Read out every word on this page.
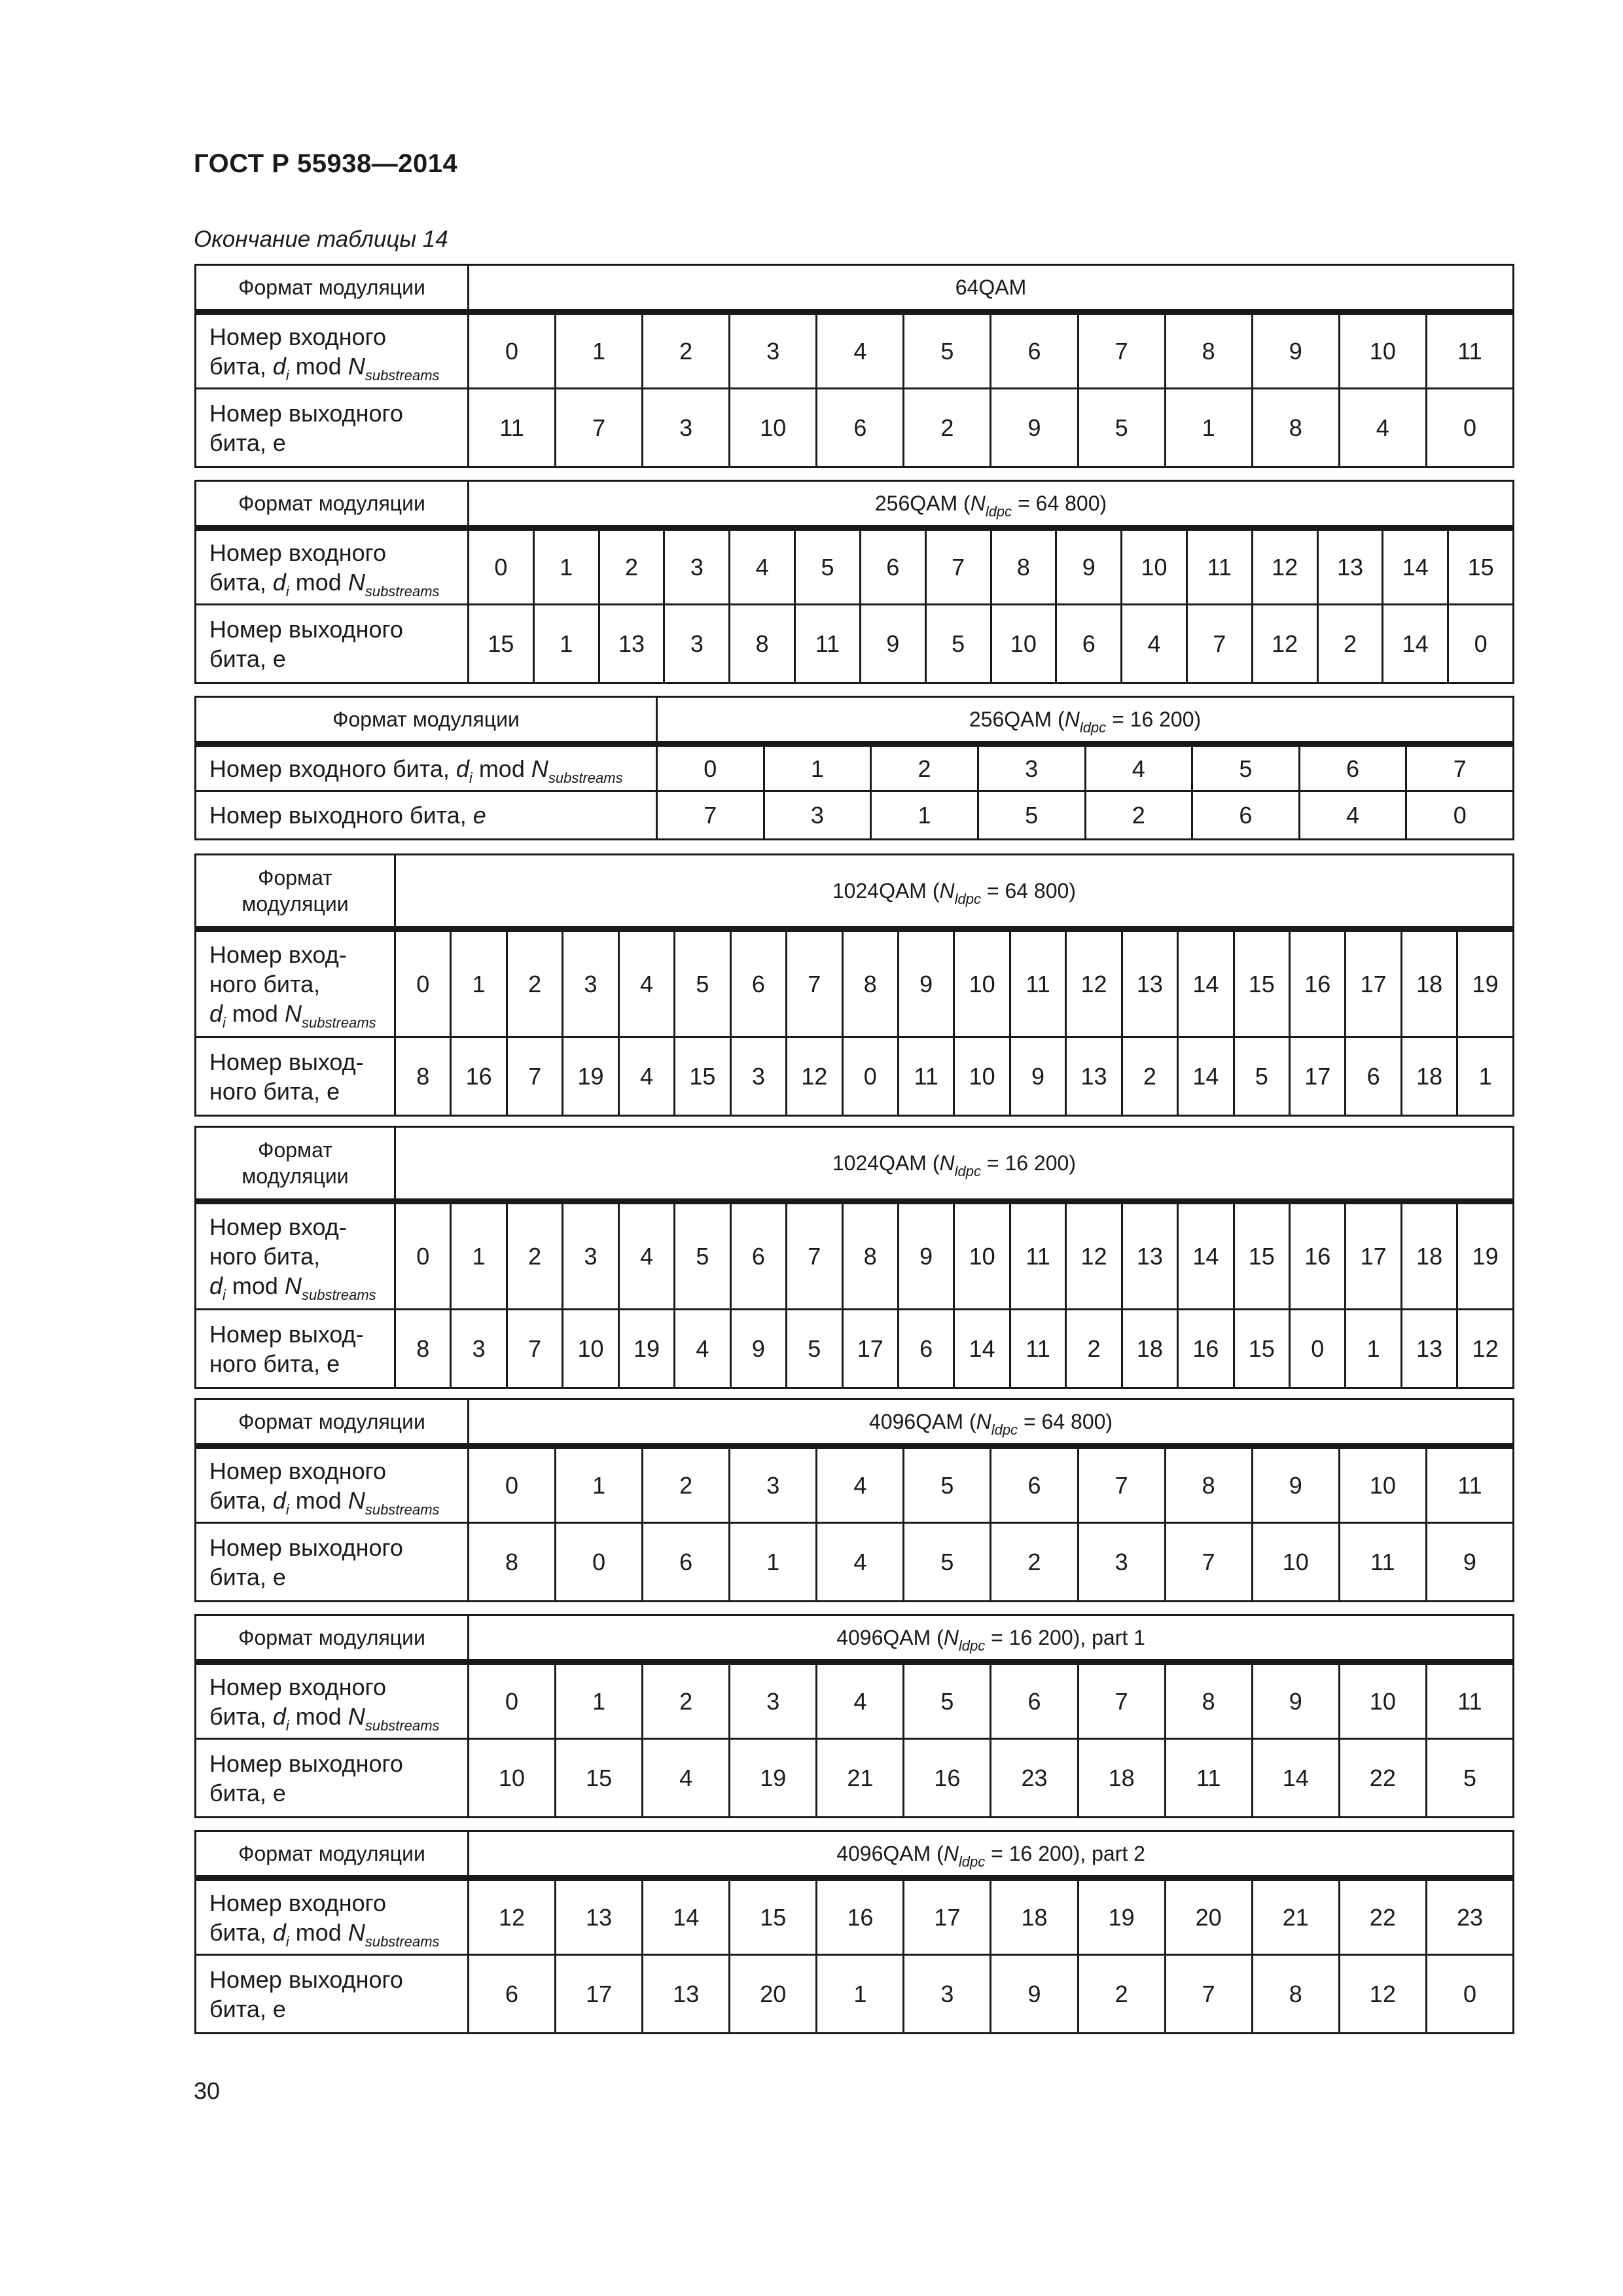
ГОСТ Р 55938—2014
Окончание таблицы 14
Формат модуляции	64QAM											
Номер входного
бита, $d_i$ mod $N_{substreams}$	0	1	2	3	4	5	6	7	8	9	10	11
Номер выходного
бита, е	11	7	3	10	6	2	9	5	1	8	4	0
Формат модуляции	256QAM ($N_{ldpc} = 64$ 800)															
Номер входного
бита, $d_i$ mod $N_{substreams}$	0	1	2	3	4	5	6	7	8	9	10	11	12	13	14	15
Номер выходного
бита, е	15	1	13	3	8	11	9	5	10	6	4	7	12	2	14	0
Формат модуляции	256QAM ($N_{ldpc} = 16$ 200)							
Номер входного бита, $d_i$ mod $N_{substreams}$	0	1	2	3	4	5	6	7
Номер выходного бита, e	7	3	1	5	2	6	4	0
Формат
модуляции	1024QAM ($N_{ldpc} = 64$ 800)																			
Номер вход-
ного бита,
$d_i$ mod $N_{substreams}$	0	1	2	3	4	5	6	7	8	9	10	11	12	13	14	15	16	17	18	19
Номер выход-
ного бита, е	8	16	7	19	4	15	3	12	0	11	10	9	13	2	14	5	17	6	18	1
Формат
модуляции	1024QAM ($N_{ldpc} = 16$ 200)																			
Номер вход-
ного бита,
$d_i$ mod $N_{substreams}$	0	1	2	3	4	5	6	7	8	9	10	11	12	13	14	15	16	17	18	19
Номер выход-
ного бита, е	8	3	7	10	19	4	9	5	17	6	14	11	2	18	16	15	0	1	13	12
Формат модуляции	4096QAM ($N_{ldpc} = 64$ 800)											
Номер входного
бита, $d_i$ mod $N_{substreams}$	0	1	2	3	4	5	6	7	8	9	10	11
Номер выходного
бита, е	8	0	6	1	4	5	2	3	7	10	11	9
Формат модуляции	4096QAM ($N_{ldpc} = 16$ 200), part 1											
Номер входного
бита, $d_i$ mod $N_{substreams}$	0	1	2	3	4	5	6	7	8	9	10	11
Номер выходного
бита, е	10	15	4	19	21	16	23	18	11	14	22	5
Формат модуляции	4096QAM ($N_{ldpc} = 16$ 200), part 2											
Номер входного
бита, $d_i$ mod $N_{substreams}$	12	13	14	15	16	17	18	19	20	21	22	23
Номер выходного
бита, е	6	17	13	20	1	3	9	2	7	8	12	0
30
